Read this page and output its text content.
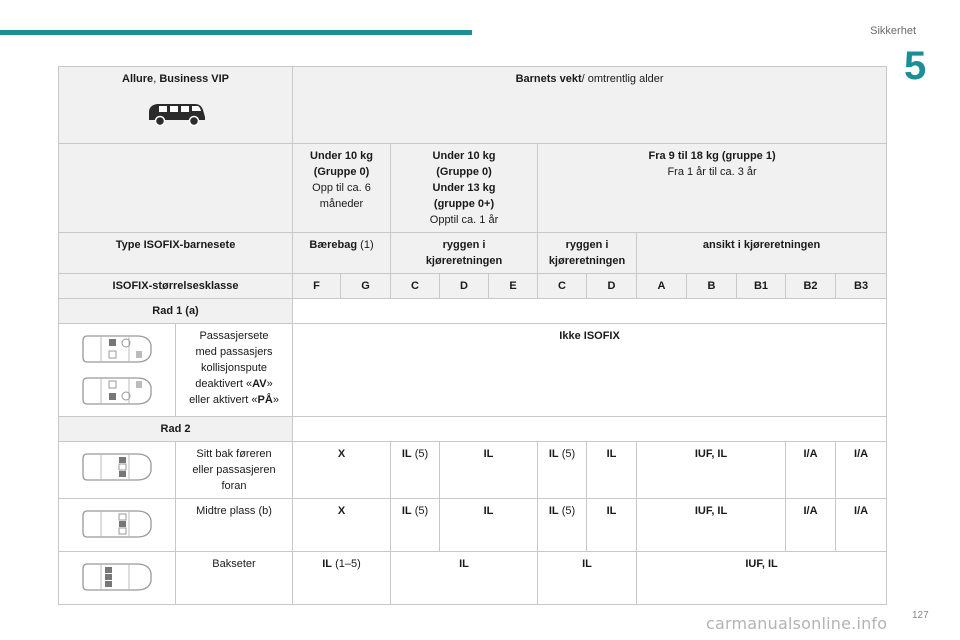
Sikkerhet
5
Allure, Business VIP		Barnets vekt/ omtrentlig alder											
		Under 10 kg
(Gruppe 0)
Opp til ca. 6
måneder		Under 10 kg
(Gruppe 0)
Under 13 kg
(gruppe 0+)
Opptil ca. 1 år			Fra 9 til 18 kg (gruppe 1)
Fra 1 år til ca. 3 år						
Type ISOFIX-barnesete		Bærebag (1)		ryggen i
kjøreretningen			ryggen i
kjøreretningen		ansikt i kjøreretningen				
ISOFIX-størrelsesklasse		F	G	C	D	E	C	D	A	B	B1	B2	B3
Rad 1 (a)													

	Passasjersete
med passasjers
kollisjonspute
deaktivert «AV»
eller aktivert «PÅ»	Ikke ISOFIX											
Rad 2													

	Sitt bak føreren
eller passasjeren
foran	X		IL (5)	IL		IL (5)	IL	IUF, IL			I/A	I/A

	Midtre plass (b)	X		IL (5)	IL		IL (5)	IL	IUF, IL			I/A	I/A

	Bakseter	IL (1–5)		IL			IL		IUF, IL				
127
carmanualsonline.info
